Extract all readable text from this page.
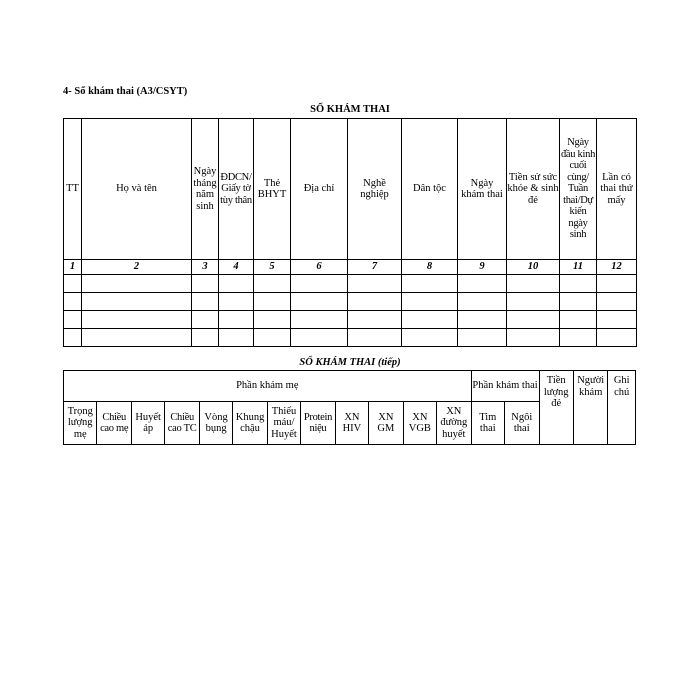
4- Sổ khám thai (A3/CSYT)
SỔ KHÁM THAI
TT	Họ và tên	Ngày tháng năm sinh	ĐDCN/ Giấy tờ tùy thân	Thẻ BHYT	Địa chỉ	Nghề nghiệp	Dân tộc	Ngày khám thai	Tiền sử sức khỏe & sinh đẻ	Ngày đầu kinh cuối cùng/ Tuần thai/Dự kiến ngày sinh	Lần có thai thứ mấy
1	2	3	4	5	6	7	8	9	10	11	12

SỔ KHÁM THAI (tiếp)
Phần khám mẹ												Phần khám thai		Tiền lượng đẻ	Người khám	Ghi chú
Trọng lượng mẹ	Chiều cao mẹ	Huyết áp	Chiều cao TC	Vòng bụng	Khung chậu	Thiếu máu/ Huyết	Protein niệu	XN HIV	XN GM	XN VGB	XN đường huyết	Tim thai	Ngôi thai			
